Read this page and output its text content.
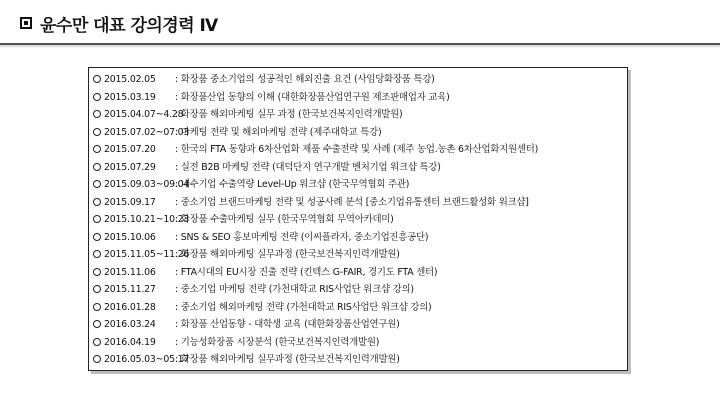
윤수만 대표 강의경력 Ⅳ
2015.02.05 : 화장품 중소기업의 성공적인 해외진출 요건 (사임당화장품 특강)
2015.03.19 : 화장품산업 동향의 이해 (대한화장품산업연구원 제조판매업자 교육)
2015.04.07~4.28
: 화장품 해외마케팅 실무 과정 (한국보건복지인력개발원)
2015.07.02~07.03
: 마케팅 전략 및 해외마케팅 전략 (제주대학교 특강)
2015.07.20 : 한국의 FTA 동향과 6차산업화 제품 수출전략 및 사례 (제주 농업.농촌 6차산업화지원센터)
2015.07.29 : 실전 B2B 마케팅 전략 (대덕단지 연구개발 벤처기업 워크샵 특강)
2015.09.03~09.04
: 내수기업 수출역량 Level-Up 워크샵 (한국무역협회 주관)
2015.09.17 : 중소기업 브랜드마케팅 전략 및 성공사례 분석 [중소기업유통센터 브랜드활성화 워크샵]
2015.10.21~10.23
: 화장품 수출마케팅 실무 (한국무역협회 무역아카데미)
2015.10.06 : SNS & SEO 홍보마케팅 전략 (이씨플라자, 중소기업진흥공단)
2015.11.05~11.26
: 화장품 해외마케팅 실무과정 (한국보건복지인력개발원)
2015.11.06 : FTA시대의 EU시장 진출 전략 (킨텍스 G-FAIR, 경기도 FTA 센터)
2015.11.27 : 중소기업 마케팅 전략 (가천대학교 RIS사업단 워크샵 강의)
2016.01.28 : 중소기업 해외마케팅 전략 (가천대학교 RIS사업단 워크샵 강의)
2016.03.24 : 화장품 산업동향 - 대학생 교육 (대한화장품산업연구원)
2016.04.19 : 기능성화장품 시장분석 (한국보건복지인력개발원)
2016.05.03~05.17
: 화장품 해외마케팅 실무과정 (한국보건복지인력개발원)
